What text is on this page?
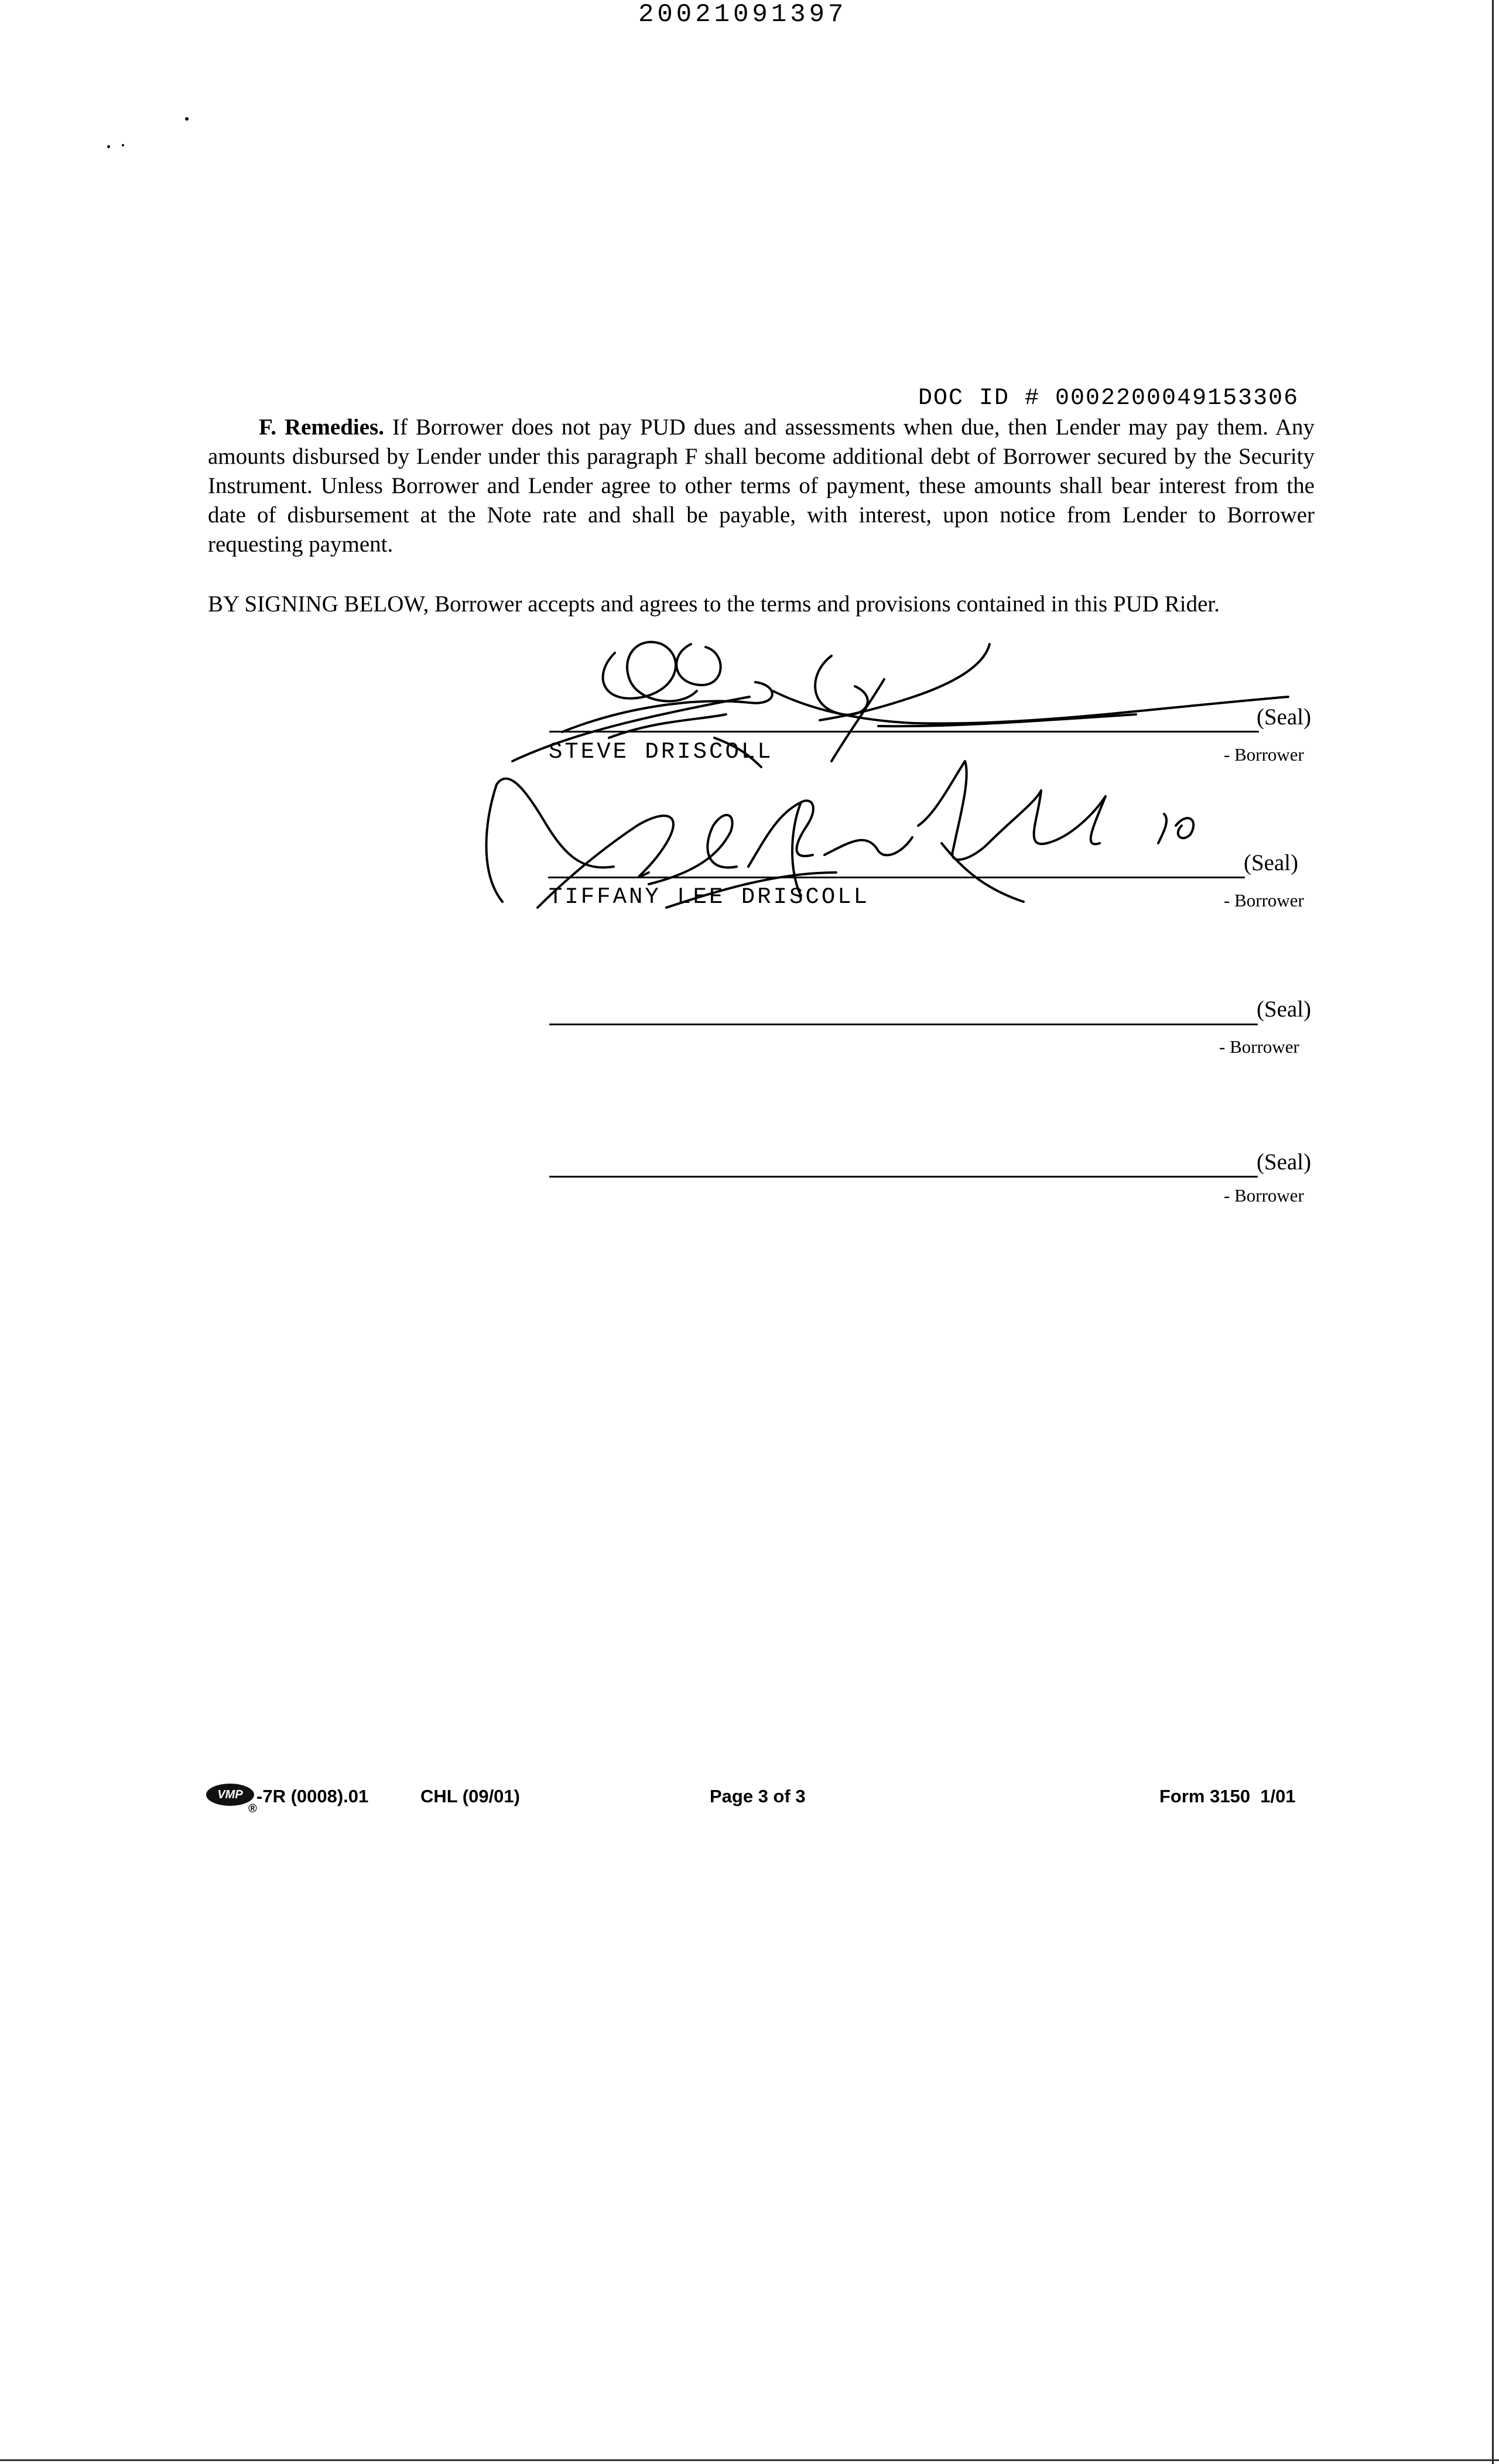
20021091397
DOC ID # 0002200049153306
F. Remedies. If Borrower does not pay PUD dues and assessments when due, then Lender may pay them. Any amounts disbursed by Lender under this paragraph F shall become additional debt of Borrower secured by the Security Instrument. Unless Borrower and Lender agree to other terms of payment, these amounts shall bear interest from the date of disbursement at the Note rate and shall be payable, with interest, upon notice from Lender to Borrower requesting payment.
BY SIGNING BELOW, Borrower accepts and agrees to the terms and provisions contained in this PUD Rider.
(Seal)
- Borrower
STEVE DRISCOLL
(Seal)
- Borrower
TIFFANY LEE DRISCOLL
(Seal)
- Borrower
(Seal)
- Borrower
VMP
®
-7R (0008).01	CHL (09/01)	Page 3 of 3	Form 3150  1/01
